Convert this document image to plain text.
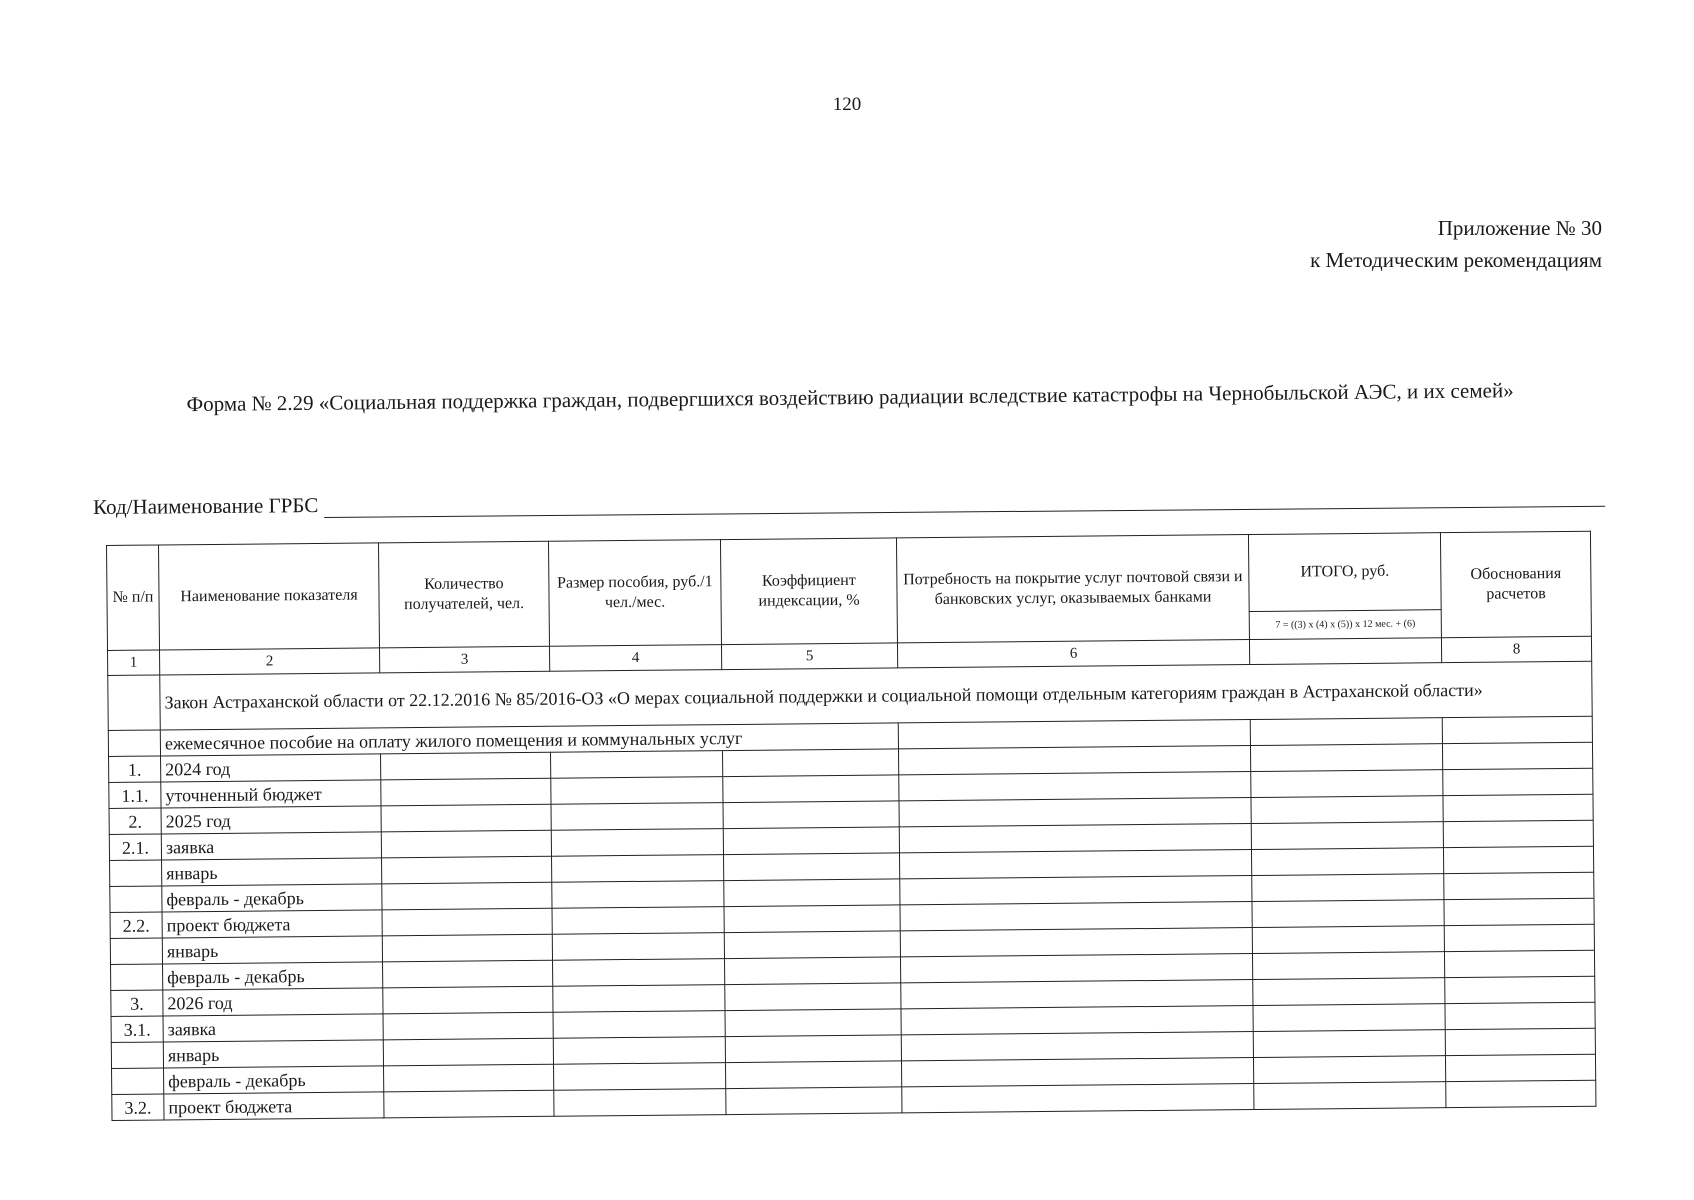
120
Приложение № 30
к Методическим рекомендациям
Форма № 2.29 «Социальная поддержка граждан, подвергшихся воздействию радиации вследствие катастрофы на Чернобыльской АЭС, и их семей»
Код/Наименование ГРБС
№ п/п	Наименование показателя	Количество получателей, чел.	Размер пособия, руб./1 чел./мес.	Коэффициент индексации, %	Потребность на покрытие услуг почтовой связи и банковских услуг, оказываемых банками	ИТОГО, руб.	Обоснования расчетов
						7 = ((3) x (4) x (5)) x 12 мес. + (6)	
1	2	3	4	5	6		8
	Закон Астраханской области от 22.12.2016 № 85/2016-ОЗ «О мерах социальной поддержки и социальной помощи отдельным категориям граждан в Астраханской области»						
	ежемесячное пособие на оплату жилого помещения и коммунальных услуг						
1.	2024 год						
1.1.	уточненный бюджет						
2.	2025 год						
2.1.	заявка						
	январь						
	февраль - декабрь						
2.2.	проект бюджета						
	январь						
	февраль - декабрь						
3.	2026 год						
3.1.	заявка						
	январь						
	февраль - декабрь						
3.2.	проект бюджета						
